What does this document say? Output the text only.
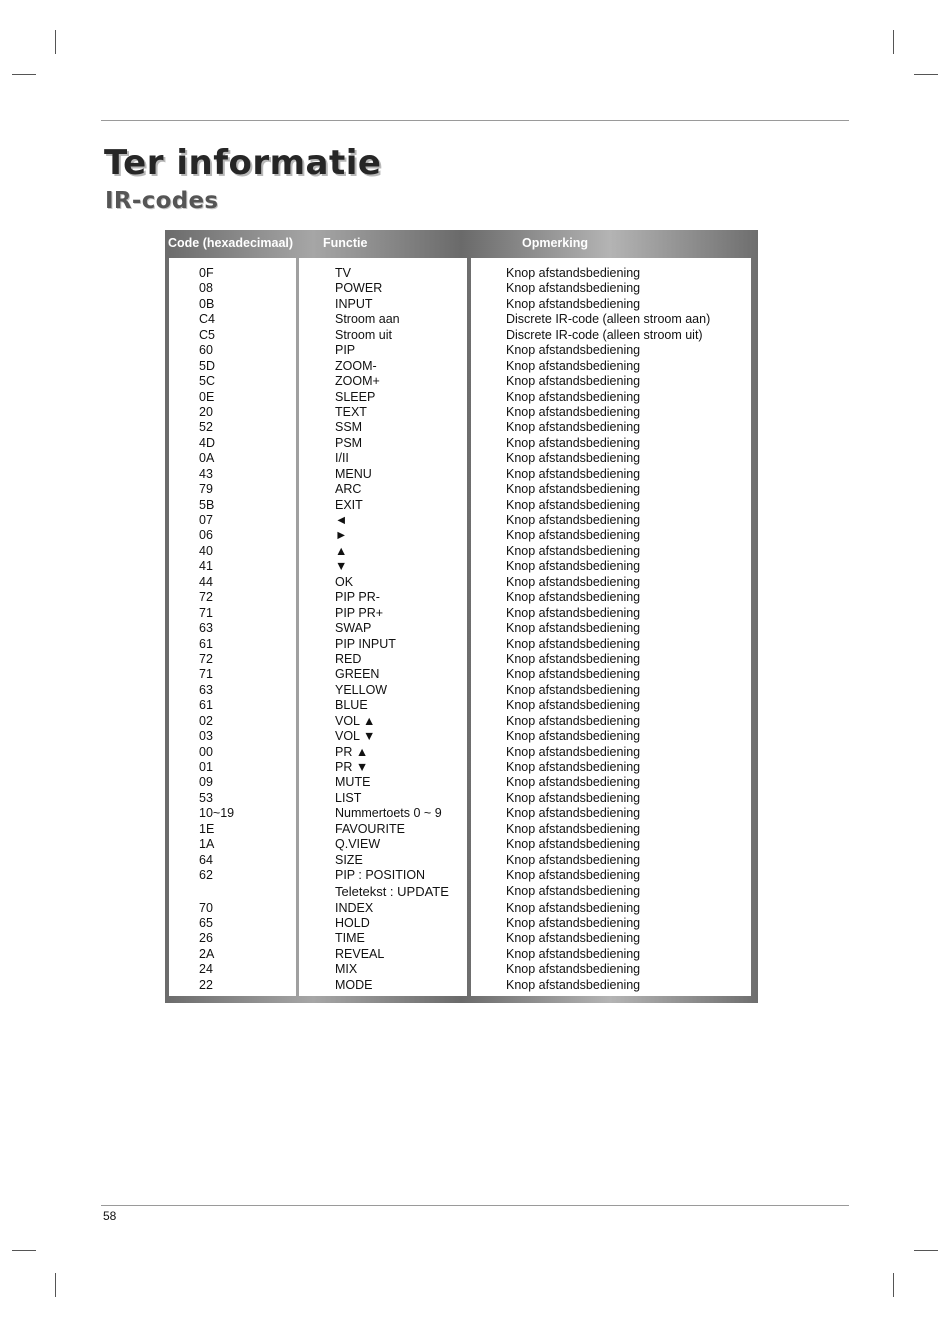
Ter informatie
IR-codes
Code (hexadecimaal) Functie	Opmerking
0F
08
0B
C4
C5
60
5D
5C
0E
20
52
4D
0A
43
79
5B
07
06
40
41
44
72
71
63
61
72
71
63
61
02
03
00
01
09
53
10~19
1E
1A
64
62
70
65
26
2A
24
22
TV
POWER
INPUT
Stroom aan
Stroom uit
PIP
ZOOM-
ZOOM+
SLEEP
TEXT
SSM
PSM
I/II
MENU
ARC
EXIT
◄
►
▲
▼
OK
PIP PR-
PIP PR+
SWAP
PIP INPUT
RED
GREEN
YELLOW
BLUE
VOL ▲
VOL ▼
PR ▲
PR ▼
MUTE
LIST
Nummertoets 0 ~ 9
FAVOURITE
Q.VIEW
SIZE
PIP : POSITION
Teletekst : UPDATE
INDEX
HOLD
TIME
REVEAL
MIX
MODE
Knop afstandsbediening
Knop afstandsbediening
Knop afstandsbediening
Discrete IR-code (alleen stroom aan)
Discrete IR-code (alleen stroom uit)
Knop afstandsbediening
Knop afstandsbediening
Knop afstandsbediening
Knop afstandsbediening
Knop afstandsbediening
Knop afstandsbediening
Knop afstandsbediening
Knop afstandsbediening
Knop afstandsbediening
Knop afstandsbediening
Knop afstandsbediening
Knop afstandsbediening
Knop afstandsbediening
Knop afstandsbediening
Knop afstandsbediening
Knop afstandsbediening
Knop afstandsbediening
Knop afstandsbediening
Knop afstandsbediening
Knop afstandsbediening
Knop afstandsbediening
Knop afstandsbediening
Knop afstandsbediening
Knop afstandsbediening
Knop afstandsbediening
Knop afstandsbediening
Knop afstandsbediening
Knop afstandsbediening
Knop afstandsbediening
Knop afstandsbediening
Knop afstandsbediening
Knop afstandsbediening
Knop afstandsbediening
Knop afstandsbediening
Knop afstandsbediening
Knop afstandsbediening
Knop afstandsbediening
Knop afstandsbediening
Knop afstandsbediening
Knop afstandsbediening
Knop afstandsbediening
Knop afstandsbediening
58
